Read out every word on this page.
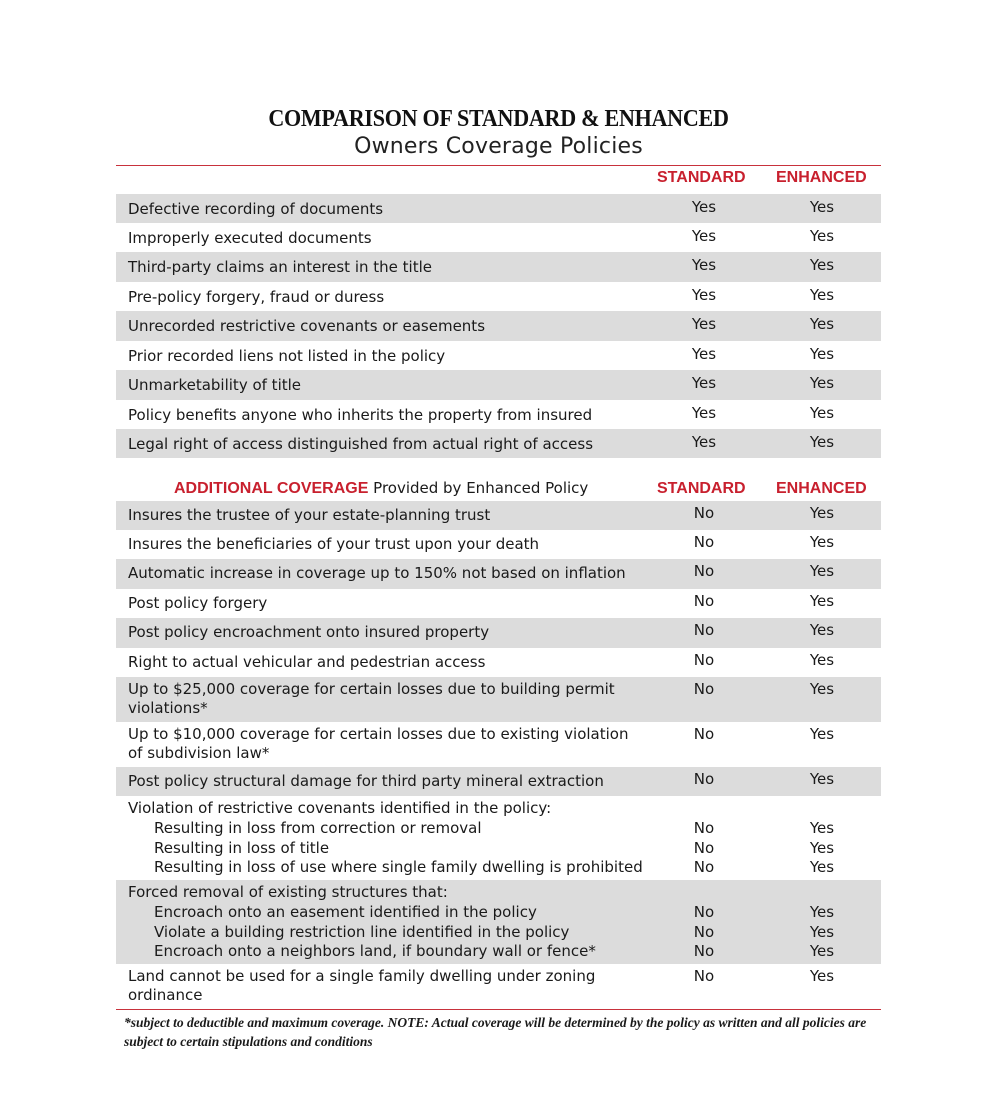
COMPARISON OF STANDARD & ENHANCED
Owners Coverage Policies
STANDARD ENHANCED
Defective recording of documents	Yes	Yes
Improperly executed documents	Yes	Yes
Third-party claims an interest in the title	Yes	Yes
Pre-policy forgery, fraud or duress	Yes	Yes
Unrecorded restrictive covenants or easements	Yes	Yes
Prior recorded liens not listed in the policy	Yes	Yes
Unmarketability of title	Yes	Yes
Policy benefits anyone who inherits the property from insured	Yes	Yes
Legal right of access distinguished from actual right of access	Yes	Yes
ADDITIONAL COVERAGE Provided by Enhanced Policy	STANDARD ENHANCED
Insures the trustee of your estate-planning trust	No	Yes
Insures the beneficiaries of your trust upon your death	No	Yes
Automatic increase in coverage up to 150% not based on inflation	No	Yes
Post policy forgery	No	Yes
Post policy encroachment onto insured property	No	Yes
Right to actual vehicular and pedestrian access	No	Yes
Up to $25,000 coverage for certain losses due to building permit
violations*
No	Yes
Up to $10,000 coverage for certain losses due to existing violation
of subdivision law*
No	Yes
Post policy structural damage for third party mineral extraction	No	Yes
Violation of restrictive covenants identified in the policy:
Resulting in loss from correction or removal	No	Yes
Resulting in loss of title	No	Yes
Resulting in loss of use where single family dwelling is prohibited	No	Yes
Forced removal of existing structures that:
Encroach onto an easement identified in the policy	No	Yes
Violate a building restriction line identified in the policy	No	Yes
Encroach onto a neighbors land, if boundary wall or fence*	No	Yes
Land cannot be used for a single family dwelling under zoning
ordinance
No	Yes
*subject to deductible and maximum coverage. NOTE: Actual coverage will be determined by the policy as written and all policies are subject to certain stipulations and conditions
